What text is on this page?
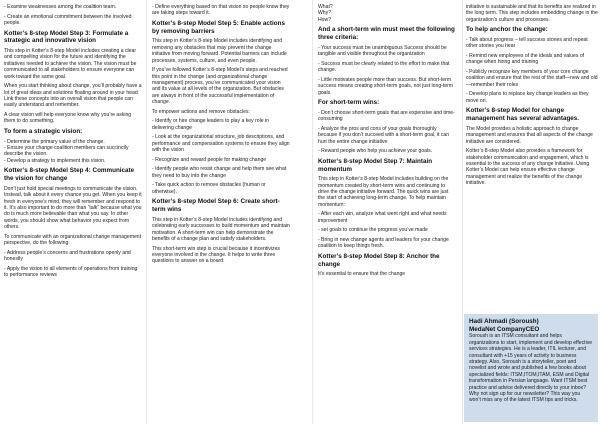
- Examine weaknesses among the coalition team.

- Create an emotional commitment between the involved people.

Kotter’s 8-step Model Step 3: Formulate a strategic and innovative vision

This step in Kotter’s 8-step Model includes creating a clear and compelling vision for the future and identifying the initiatives needed to achieve the vision. The vision must be communicated to all stakeholders to ensure everyone can work toward the same goal.

When you start thinking about change, you’ll probably have a lot of great ideas and solutions floating around in your head. Link these concepts into an overall vision that people can easily understand and remember.

A clear vision will help everyone know why you’re asking them to do something.

To form a strategic vision:

- Determine the primary value of the change.
- Ensure your change coalition members can succinctly describe the vision.
- Develop a strategy to implement this vision.

Kotter’s 8-step Model Step 4: Communicate the vision for change

Don’t just hold special meetings to communicate the vision. Instead, talk about it every chance you get. When you keep it fresh in everyone’s mind, they will remember and respond to it. It’s also important to do more than “talk” because what you do is much more believable than what you say. In other words, you should show what behavior you expect from others.

To communicate with an organizational change management perspective, do the following:

- Address people’s concerns and frustrations openly and honestly

- Apply the vision to all elements of operations from training to performance reviews

- Define everything based on that vision so people know they are taking steps toward it.

Kotter’s 8-step Model Step 5: Enable actions by removing barriers

This step in Kotter’s 8-step Model includes identifying and removing any obstacles that may prevent the change initiative from moving forward. Potential barriers can include processes, systems, culture, and even people.

If you’ve followed Kotter’s 8-step Model’s steps and reached this point in the change (and organizational change management) process, you’ve communicated your vision and its value at all levels of the organization. But obstacles are always in front of the successful implementation of change.

To empower actions and remove obstacles:

- Identify or hire change leaders to play a key role in delivering change

- Look at the organizational structure, job descriptions, and performance and compensation systems to ensure they align with the vision

- Recognize and reward people for making change

- Identify people who resist change and help them see what they need to buy into the change

- Take quick action to remove obstacles (human or otherwise).

Kotter’s 8-step Model Step 6: Create short-term wins

This step in Kotter’s 8-step Model includes identifying and celebrating early successes to build momentum and maintain motivation. A short-term win can help demonstrate the benefits of a change plan and satisfy stakeholders.

This short-term win step is crucial because it incentivizes everyone involved in the change. It helps to write three questions to answer on a board:

What?
Why?
How?

And a short-term win must meet the following three criteria:

- Your success must be unambiguous Success should be tangible and visible throughout the organization

- Success must be clearly related to the effort to make that change.

- Little motivates people more than success. But short-term success means creating short-term goals, not just long-term goals.

For short-term wins:

- Don’t choose short-term goals that are expensive and time-consuming

- Analyze the pros and cons of your goals thoroughly because if you don’t succeed with a short-term goal, it can hurt the entire change initiative

- Reward people who help you achieve your goals.

Kotter’s 8-step Model Step 7: Maintain momentum

This step in Kotter’s 8-step Model includes building on the momentum created by short-term wins and continuing to drive the change initiative forward. The quick wins are just the start of achieving long-term change. To help maintain momentum:

- After each win, analyze what went right and what needs improvement

- set goals to continue the progress you’ve made

- Bring in new change agents and leaders for your change coalition to keep things fresh.

Kotter’s 8-step Model Step 8: Anchor the change

It’s essential to ensure that the change

initiative is sustainable and that its benefits are realized in the long term. This step includes embedding change in the organization’s culture and processes.

To help anchor the change:

- Talk about progress – tell success stories and repeat other stories you hear

- Remind new employees of the ideals and values of change when hiring and training

- Publicly recognize key members of your core change coalition and ensure that the rest of the staff—new and old—remember their roles

- Develop plans to replace key change leaders as they move on.

Kotter’s 8-step Model for change management has several advantages.

The Model provides a holistic approach to change management and ensures that all aspects of the change initiative are considered.

Kotter’s 8-step Model also provides a framework for stakeholder communication and engagement, which is essential to the success of any change initiative. Using Kotter’s Model can help ensure effective change management and realize the benefits of the change initiative.

Hadi Ahmadi (Soroush)
MedaNet CompanyCEO

Soroush is an ITSM consultant and helps organizations to start, implement and develop effective services strategies. He is a leader, ITIL lecturer, and consultant with +15 years of activity to business strategy. Also, Soroush is a storyteller, poet and novelist and wrote and published a few books about specialized fields: ITSM,ITOM,ITAM, ESM and Digital transformation in Persian language. Want ITSM best practice and advice delivered directly to your inbox? Why not sign up for our newsletter? This way you won’t miss any of the latest ITSM tips and tricks.
